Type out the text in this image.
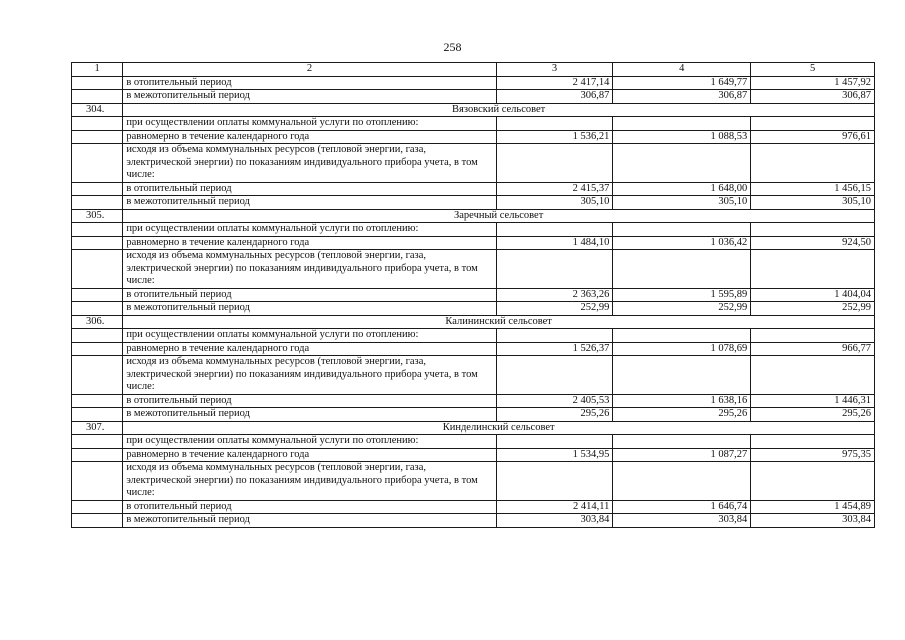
258
1	2	3	4	5
	в отопительный период	2 417,14	1 649,77	1 457,92
	в межотопительный период	306,87	306,87	306,87
304.	Вязовский сельсовет			
	при осуществлении оплаты коммунальной услуги по отоплению:			
	равномерно в течение календарного года	1 536,21	1 088,53	976,61
	исходя из объема коммунальных ресурсов (тепловой энергии, газа, электрической энергии) по показаниям индивидуального прибора учета, в том числе:			
	в отопительный период	2 415,37	1 648,00	1 456,15
	в межотопительный период	305,10	305,10	305,10
305.	Заречный сельсовет			
	при осуществлении оплаты коммунальной услуги по отоплению:			
	равномерно в течение календарного года	1 484,10	1 036,42	924,50
	исходя из объема коммунальных ресурсов (тепловой энергии, газа, электрической энергии) по показаниям индивидуального прибора учета, в том числе:			
	в отопительный период	2 363,26	1 595,89	1 404,04
	в межотопительный период	252,99	252,99	252,99
306.	Калининский сельсовет			
	при осуществлении оплаты коммунальной услуги по отоплению:			
	равномерно в течение календарного года	1 526,37	1 078,69	966,77
	исходя из объема коммунальных ресурсов (тепловой энергии, газа, электрической энергии) по показаниям индивидуального прибора учета, в том числе:			
	в отопительный период	2 405,53	1 638,16	1 446,31
	в межотопительный период	295,26	295,26	295,26
307.	Кинделинский сельсовет			
	при осуществлении оплаты коммунальной услуги по отоплению:			
	равномерно в течение календарного года	1 534,95	1 087,27	975,35
	исходя из объема коммунальных ресурсов (тепловой энергии, газа, электрической энергии) по показаниям индивидуального прибора учета, в том числе:			
	в отопительный период	2 414,11	1 646,74	1 454,89
	в межотопительный период	303,84	303,84	303,84
